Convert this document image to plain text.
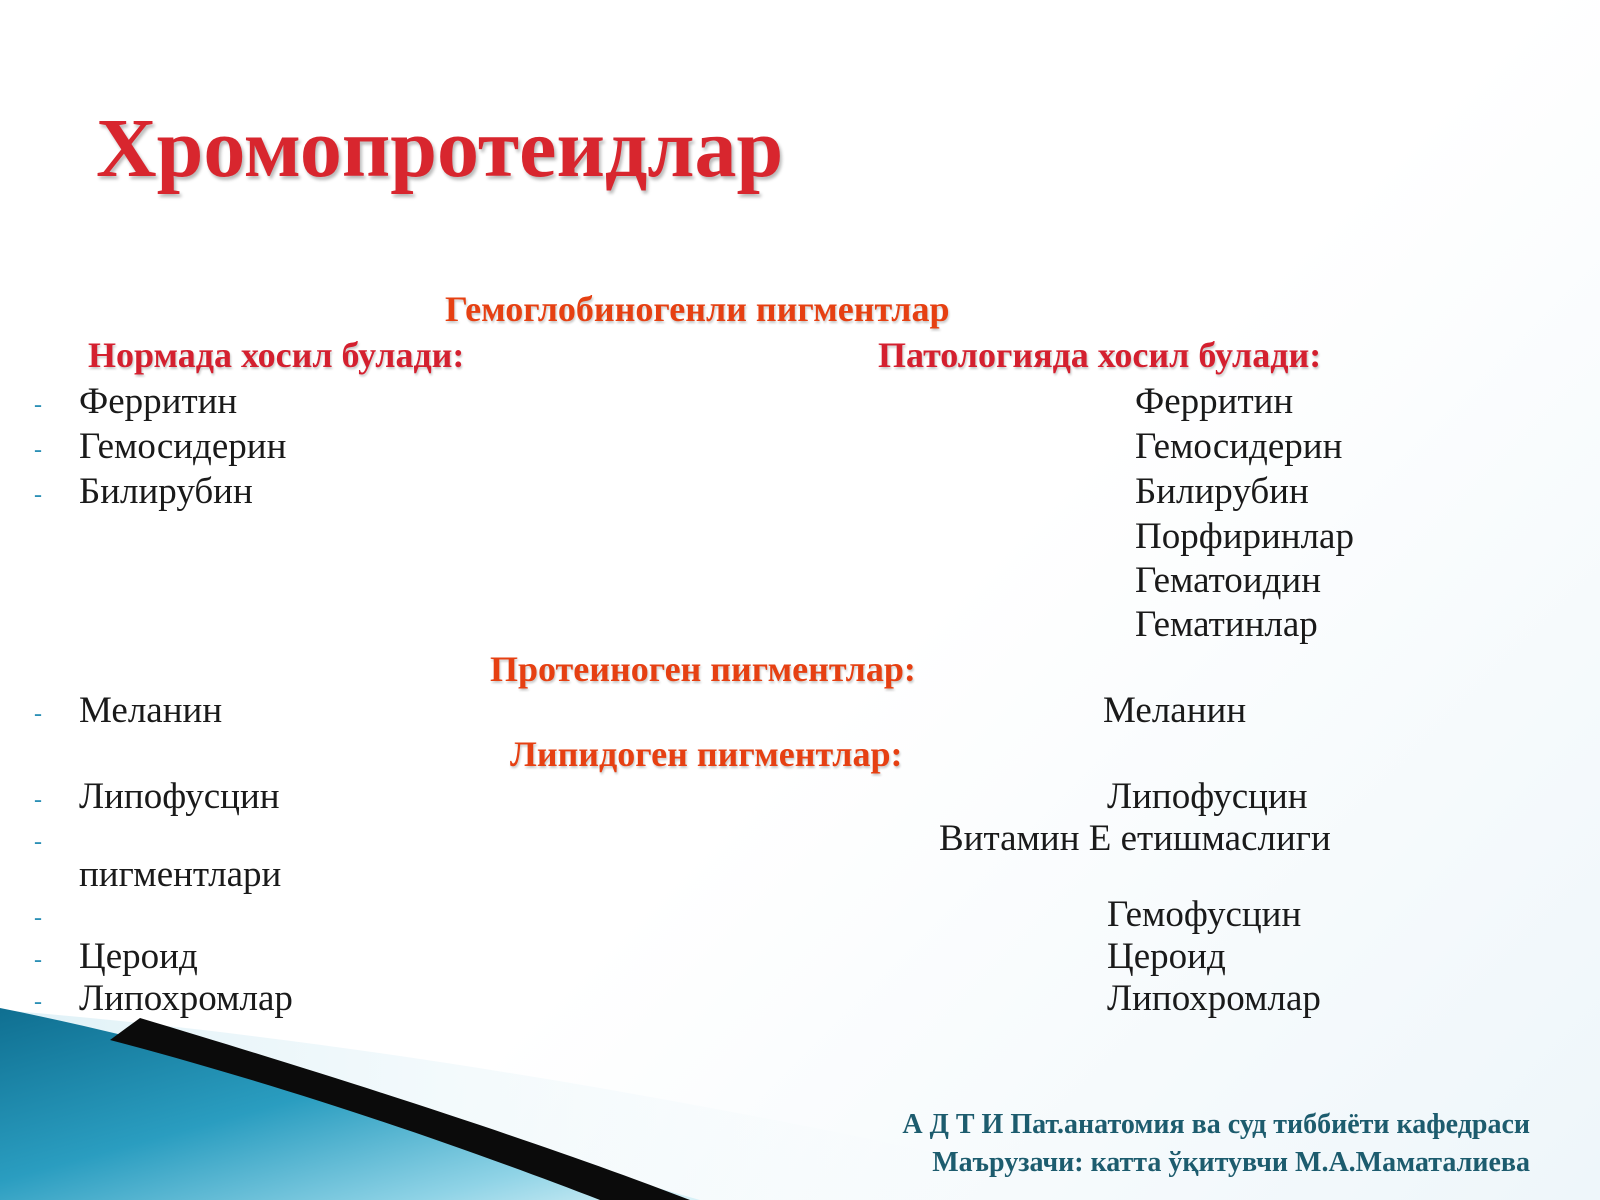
Хромопротеидлар
Гемоглобиногенли пигментлар
Нормада хосил булади:	Патологияда хосил булади:
Протеиноген пигментлар:
Липидоген пигментлар:
-
-
-
-
-
-
-
-
-
Ферритин
Гемосидерин
Билирубин
Меланин
Липофусцин
пигментлари
Цероид
Липохромлар
Ферритин
Гемосидерин
Билирубин
Порфиринлар
Гематоидин
Гематинлар
Меланин
Липофусцин
Витамин Е етишмаслиги
Гемофусцин
Цероид
Липохромлар
А Д Т И Пат.анатомия ва суд тиббиёти кафедраси
Маърузачи: катта ўқитувчи М.А.Маматалиева
